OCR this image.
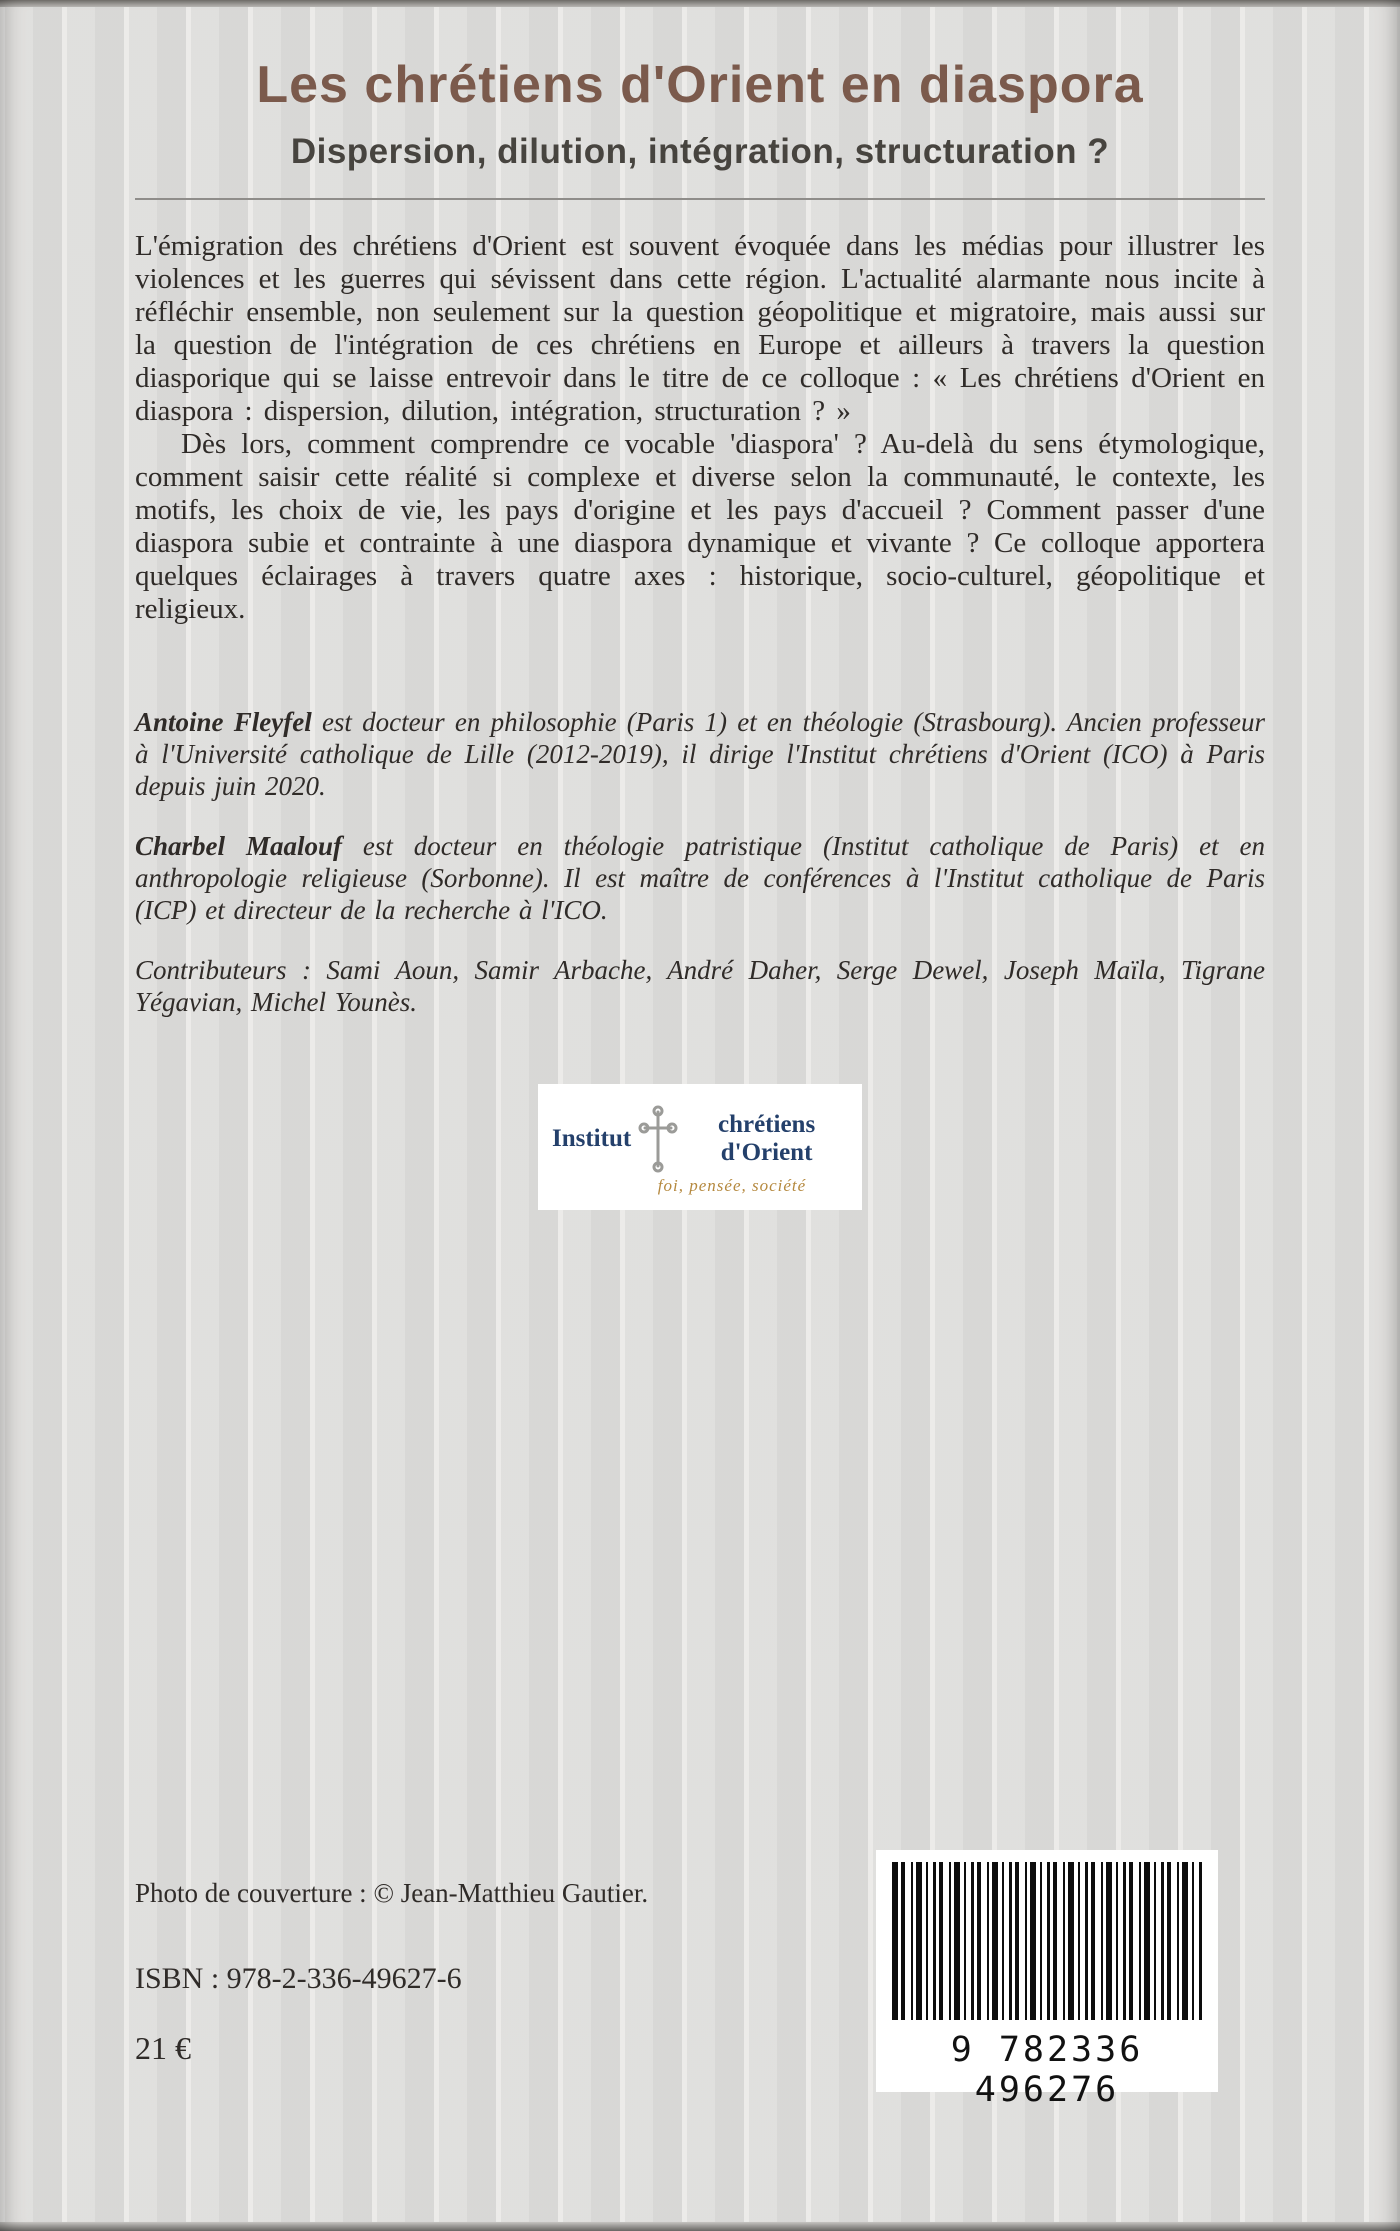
Les chrétiens d'Orient en diaspora
Dispersion, dilution, intégration, structuration ?

L'émigration des chrétiens d'Orient est souvent évoquée dans les médias pour illustrer les violences et les guerres qui sévissent dans cette région. L'actualité alarmante nous incite à réfléchir ensemble, non seulement sur la question géopolitique et migratoire, mais aussi sur la question de l'intégration de ces chrétiens en Europe et ailleurs à travers la question diasporique qui se laisse entrevoir dans le titre de ce colloque : « Les chrétiens d'Orient en diaspora : dispersion, dilution, intégration, structuration ? »

Dès lors, comment comprendre ce vocable 'diaspora' ? Au-delà du sens étymologique, comment saisir cette réalité si complexe et diverse selon la communauté, le contexte, les motifs, les choix de vie, les pays d'origine et les pays d'accueil ? Comment passer d'une diaspora subie et contrainte à une diaspora dynamique et vivante ? Ce colloque apportera quelques éclairages à travers quatre axes : historique, socio-culturel, géopolitique et religieux.

Antoine Fleyfel est docteur en philosophie (Paris 1) et en théologie (Strasbourg). Ancien professeur à l'Université catholique de Lille (2012-2019), il dirige l'Institut chrétiens d'Orient (ICO) à Paris depuis juin 2020.

Charbel Maalouf est docteur en théologie patristique (Institut catholique de Paris) et en anthropologie religieuse (Sorbonne). Il est maître de conférences à l'Institut catholique de Paris (ICP) et directeur de la recherche à l'ICO.

Contributeurs : Sami Aoun, Samir Arbache, André Daher, Serge Dewel, Joseph Maïla, Tigrane Yégavian, Michel Younès.

Institut
chrétiens d'Orient
foi, pensée, société
Photo de couverture : © Jean-Matthieu Gautier.
ISBN : 978-2-336-49627-6
21 €	9 782336 496276
